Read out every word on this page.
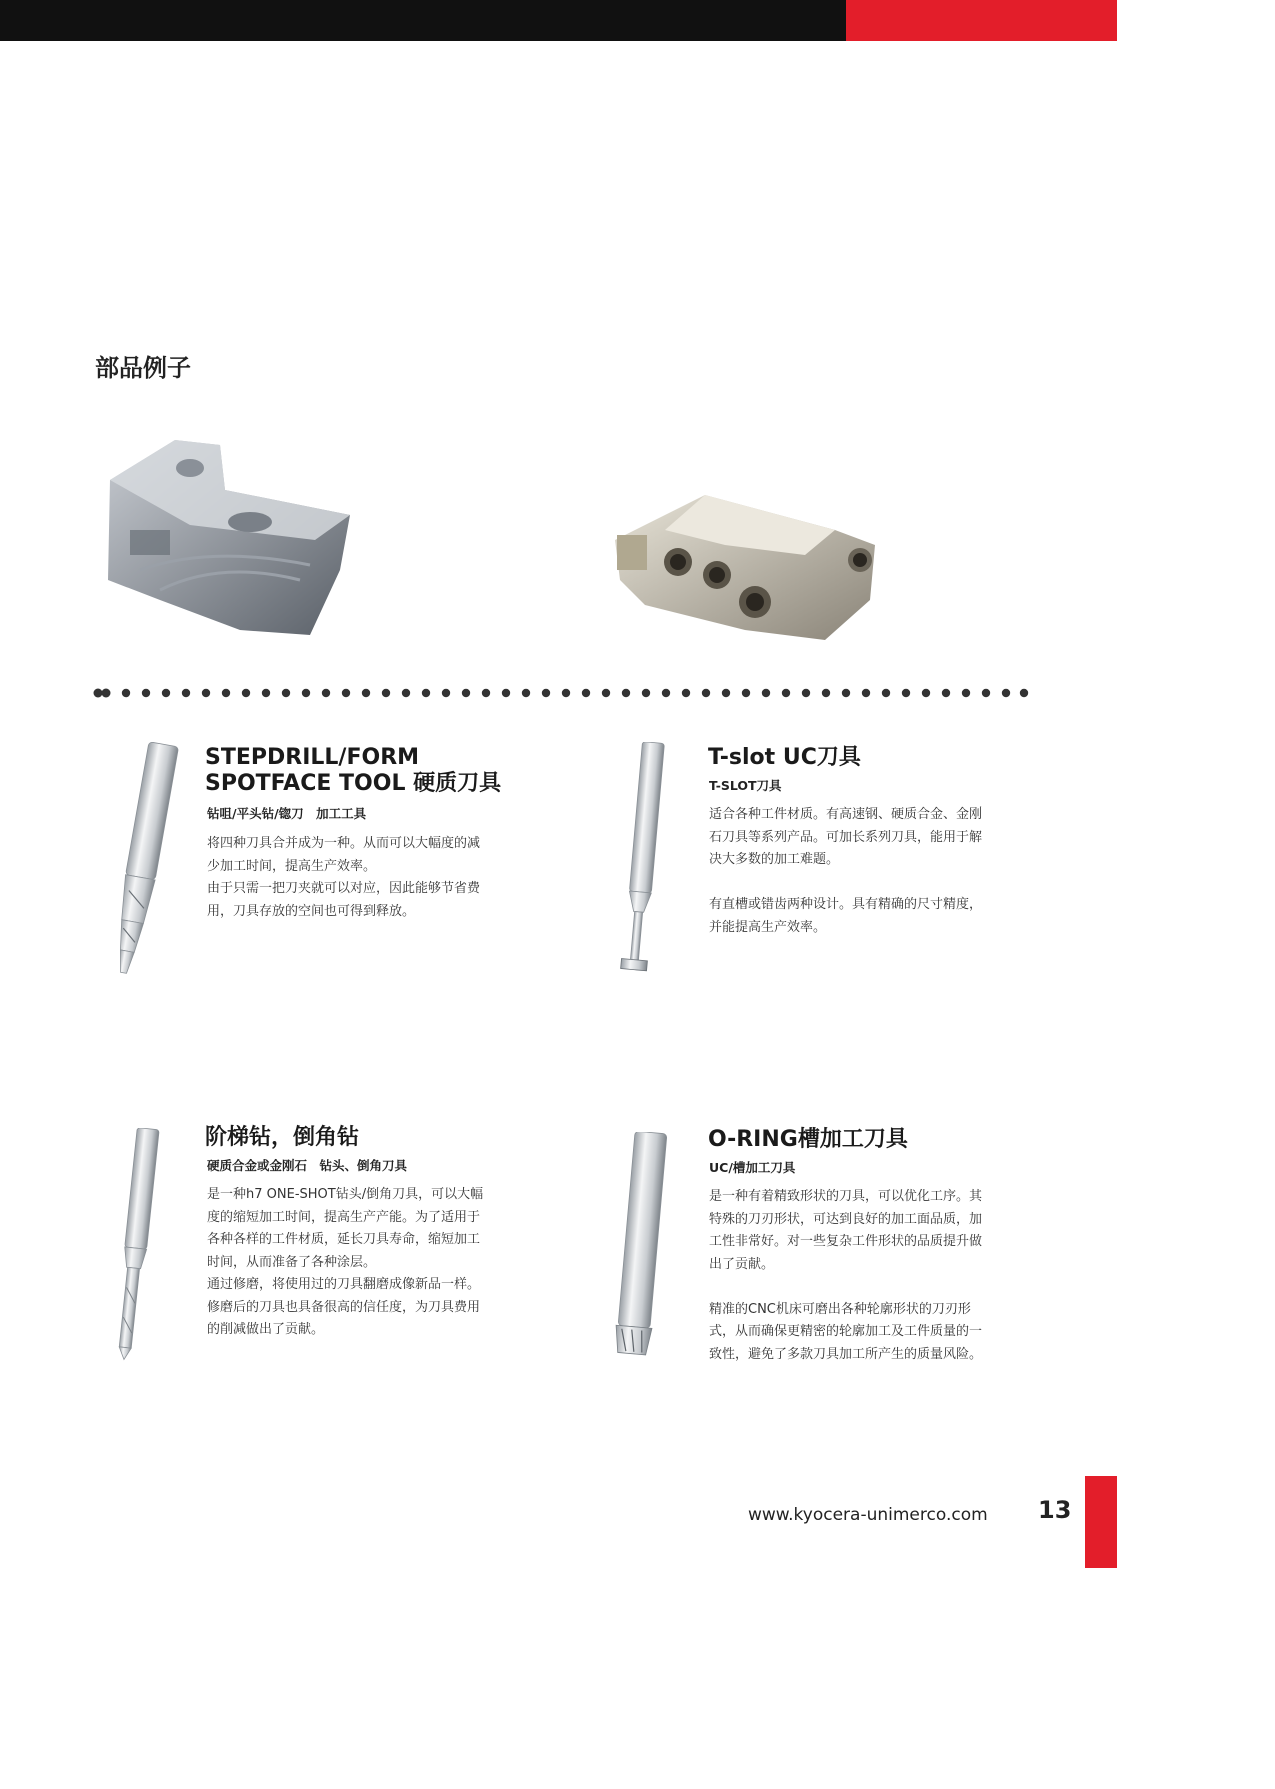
部品例子
STEPDRILL/FORM
SPOTFACE TOOL 硬质刀具
钻咀/平头钻/锪刀　加工工具
将四种刀具合并成为一种。从而可以大幅度的减
少加工时间，提高生产效率。
由于只需一把刀夹就可以对应，因此能够节省费
用，刀具存放的空间也可得到释放。
T-slot UC刀具
T-SLOT刀具
适合各种工件材质。有高速钢、硬质合金、金刚
石刀具等系列产品。可加长系列刀具，能用于解
决大多数的加工难题。

有直槽或错齿两种设计。具有精确的尺寸精度，
并能提高生产效率。
阶梯钻，倒角钻
硬质合金或金刚石　钻头、倒角刀具
是一种h7 ONE-SHOT钻头/倒角刀具，可以大幅
度的缩短加工时间，提高生产产能。为了适用于
各种各样的工件材质，延长刀具寿命，缩短加工
时间，从而准备了各种涂层。
通过修磨，将使用过的刀具翻磨成像新品一样。
修磨后的刀具也具备很高的信任度，为刀具费用
的削减做出了贡献。
O-RING槽加工刀具
UC/槽加工刀具
是一种有着精致形状的刀具，可以优化工序。其
特殊的刀刃形状，可达到良好的加工面品质，加
工性非常好。对一些复杂工件形状的品质提升做
出了贡献。

精准的CNC机床可磨出各种轮廓形状的刀刃形
式，从而确保更精密的轮廓加工及工件质量的一
致性，避免了多款刀具加工所产生的质量风险。
www.kyocera-unimerco.com 13
